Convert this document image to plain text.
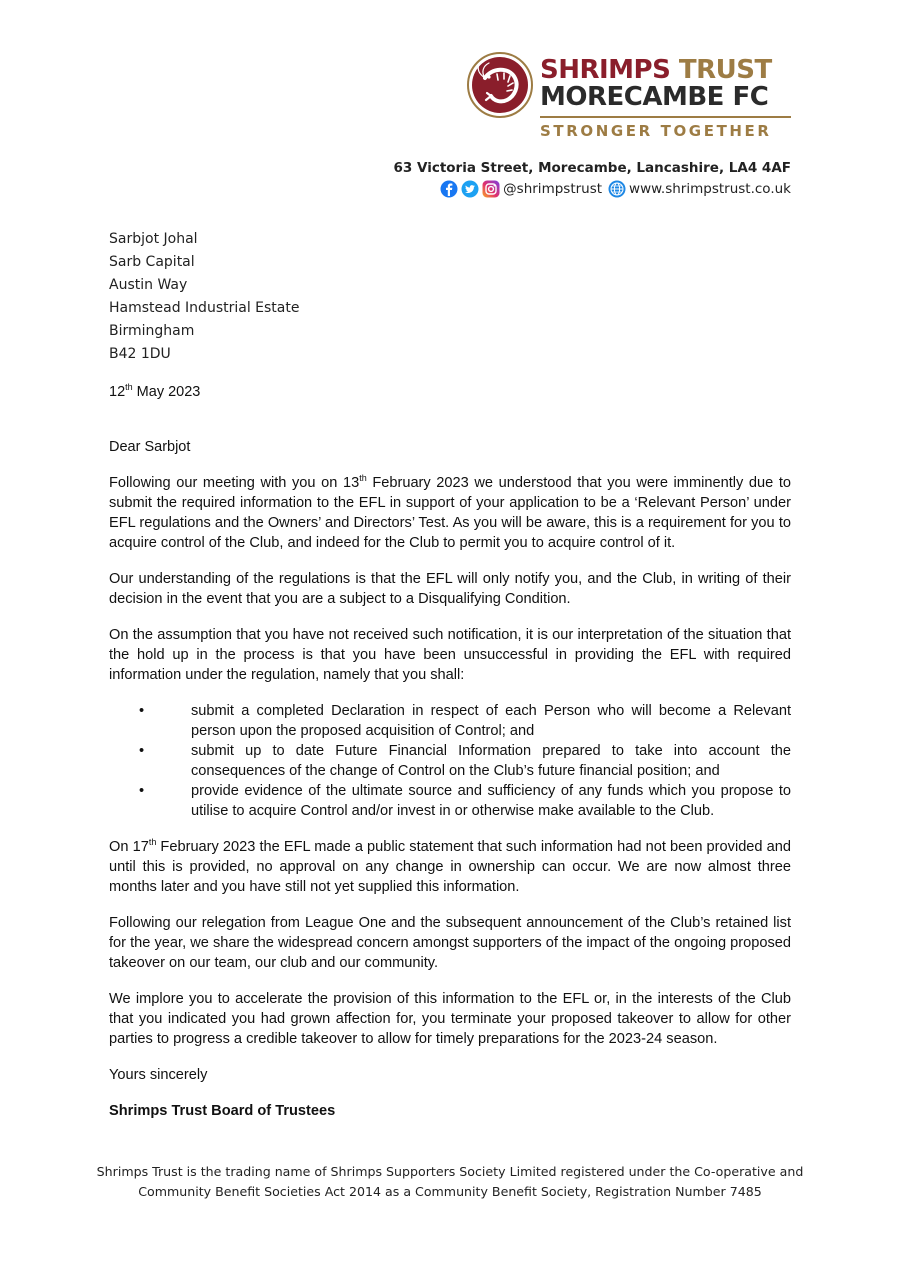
SHRIMPS TRUST
MORECAMBE FC
STRONGER TOGETHER
63 Victoria Street, Morecambe, Lancashire, LA4 4AF
@shrimpstrust www.shrimpstrust.co.uk
Sarbjot Johal
Sarb Capital
Austin Way
Hamstead Industrial Estate
Birmingham
B42 1DU
12th May 2023
Dear Sarbjot

Following our meeting with you on 13th February 2023 we understood that you were imminently due to submit the required information to the EFL in support of your application to be a ‘Relevant Person’ under EFL regulations and the Owners’ and Directors’ Test. As you will be aware, this is a requirement for you to acquire control of the Club, and indeed for the Club to permit you to acquire control of it.

Our understanding of the regulations is that the EFL will only notify you, and the Club, in writing of their decision in the event that you are a subject to a Disqualifying Condition.

On the assumption that you have not received such notification, it is our interpretation of the situation that the hold up in the process is that you have been unsuccessful in providing the EFL with required information under the regulation, namely that you shall:

•	submit a completed Declaration in respect of each Person who will become a Relevant person upon the proposed acquisition of Control; and
•	submit up to date Future Financial Information prepared to take into account the consequences of the change of Control on the Club’s future financial position; and
•	provide evidence of the ultimate source and sufficiency of any funds which you propose to utilise to acquire Control and/or invest in or otherwise make available to the Club.

On 17th February 2023 the EFL made a public statement that such information had not been provided and until this is provided, no approval on any change in ownership can occur. We are now almost three months later and you have still not yet supplied this information.

Following our relegation from League One and the subsequent announcement of the Club’s retained list for the year, we share the widespread concern amongst supporters of the impact of the ongoing proposed takeover on our team, our club and our community.

We implore you to accelerate the provision of this information to the EFL or, in the interests of the Club that you indicated you had grown affection for, you terminate your proposed takeover to allow for other parties to progress a credible takeover to allow for timely preparations for the 2023-24 season.

Yours sincerely

Shrimps Trust Board of Trustees

Shrimps Trust is the trading name of Shrimps Supporters Society Limited registered under the Co-operative and
Community Benefit Societies Act 2014 as a Community Benefit Society, Registration Number 7485
